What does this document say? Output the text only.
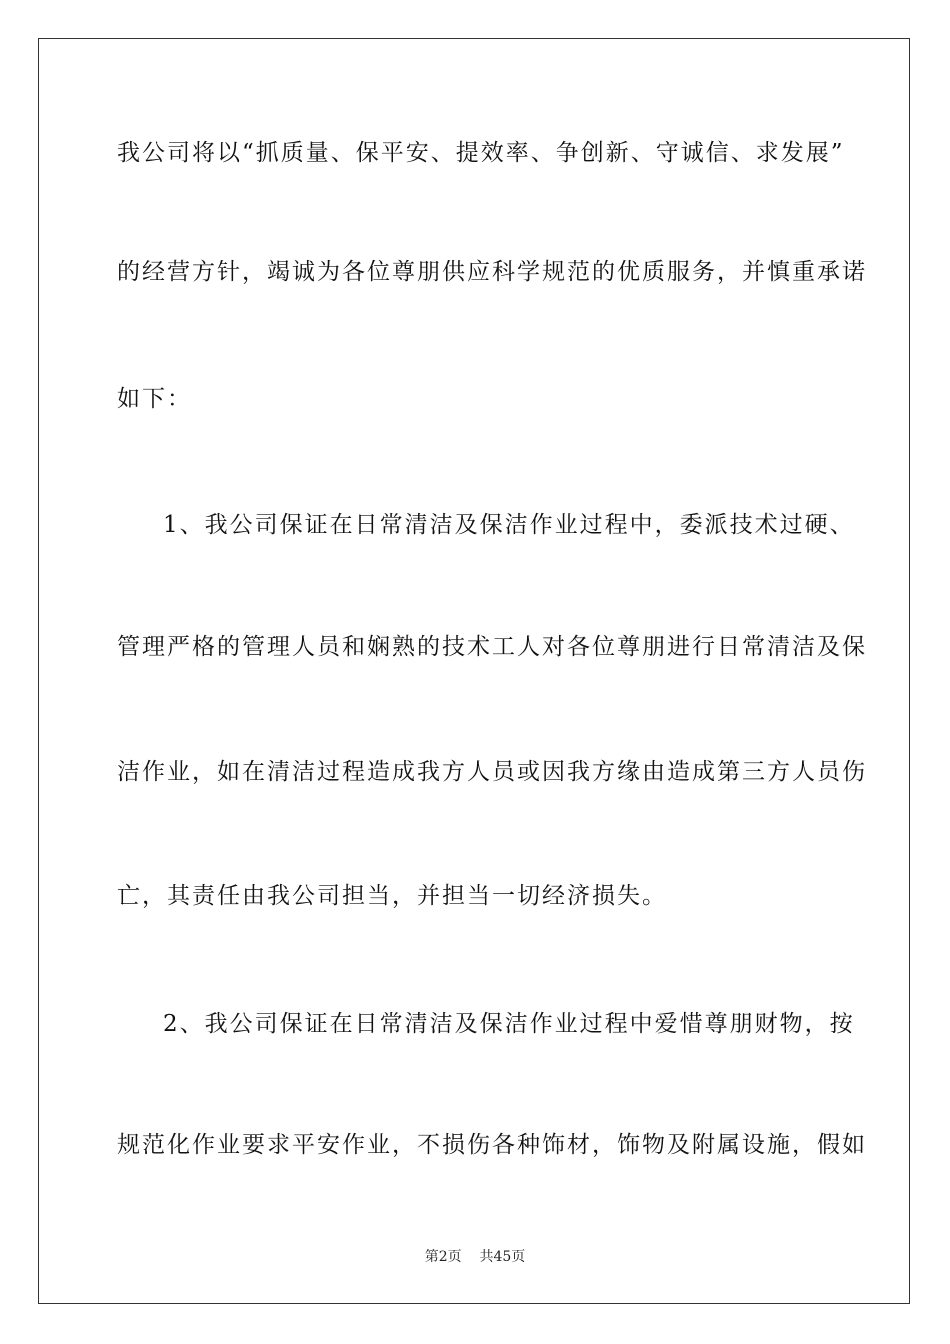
我公司将以“抓质量、保平安、提效率、争创新、守诚信、求发展”
的经营方针，竭诚为各位尊朋供应科学规范的优质服务，并慎重承诺
如下：
1、我公司保证在日常清洁及保洁作业过程中，委派技术过硬、
管理严格的管理人员和娴熟的技术工人对各位尊朋进行日常清洁及保
洁作业，如在清洁过程造成我方人员或因我方缘由造成第三方人员伤
亡，其责任由我公司担当，并担当一切经济损失。
2、我公司保证在日常清洁及保洁作业过程中爱惜尊朋财物，按
规范化作业要求平安作业，不损伤各种饰材，饰物及附属设施，假如
第2页 共45页
